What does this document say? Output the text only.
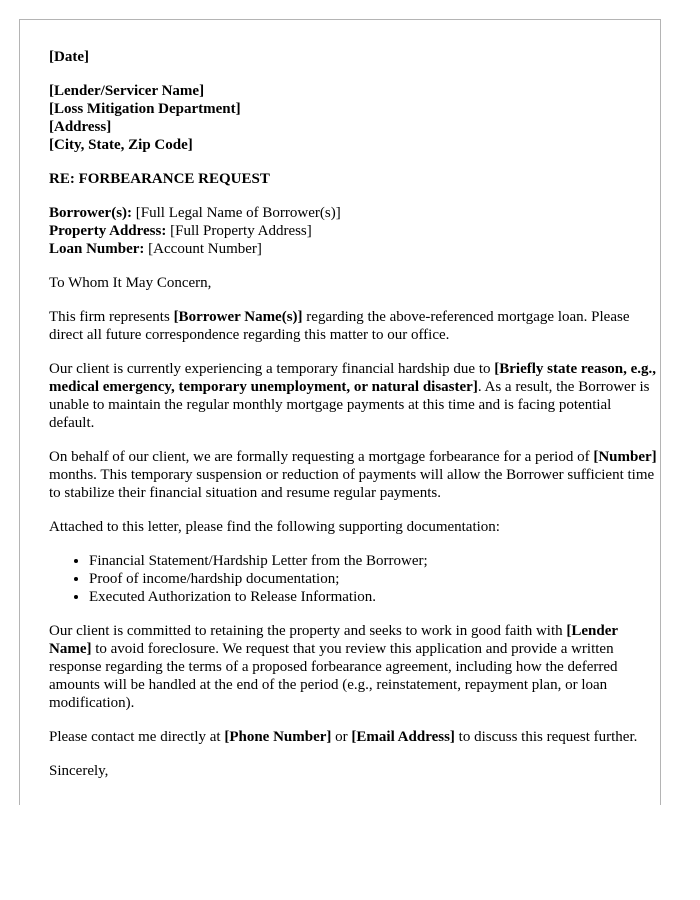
[Date]

[Lender/Servicer Name]

[Loss Mitigation Department]

[Address]

[City, State, Zip Code]

RE: FORBEARANCE REQUEST

Borrower(s): [Full Legal Name of Borrower(s)]

Property Address: [Full Property Address]

Loan Number: [Account Number]

To Whom It May Concern,

This firm represents [Borrower Name(s)] regarding the above-referenced mortgage loan. Please direct all future correspondence regarding this matter to our office.

Our client is currently experiencing a temporary financial hardship due to [Briefly state reason, e.g., medical emergency, temporary unemployment, or natural disaster]. As a result, the Borrower is unable to maintain the regular monthly mortgage payments at this time and is facing potential default.

On behalf of our client, we are formally requesting a mortgage forbearance for a period of [Number] months. This temporary suspension or reduction of payments will allow the Borrower sufficient time to stabilize their financial situation and resume regular payments.

Attached to this letter, please find the following supporting documentation:

• Financial Statement/Hardship Letter from the Borrower;
• Proof of income/hardship documentation;
• Executed Authorization to Release Information.

Our client is committed to retaining the property and seeks to work in good faith with [Lender Name] to avoid foreclosure. We request that you review this application and provide a written response regarding the terms of a proposed forbearance agreement, including how the deferred amounts will be handled at the end of the period (e.g., reinstatement, repayment plan, or loan modification).

Please contact me directly at [Phone Number] or [Email Address] to discuss this request further.

Sincerely,
